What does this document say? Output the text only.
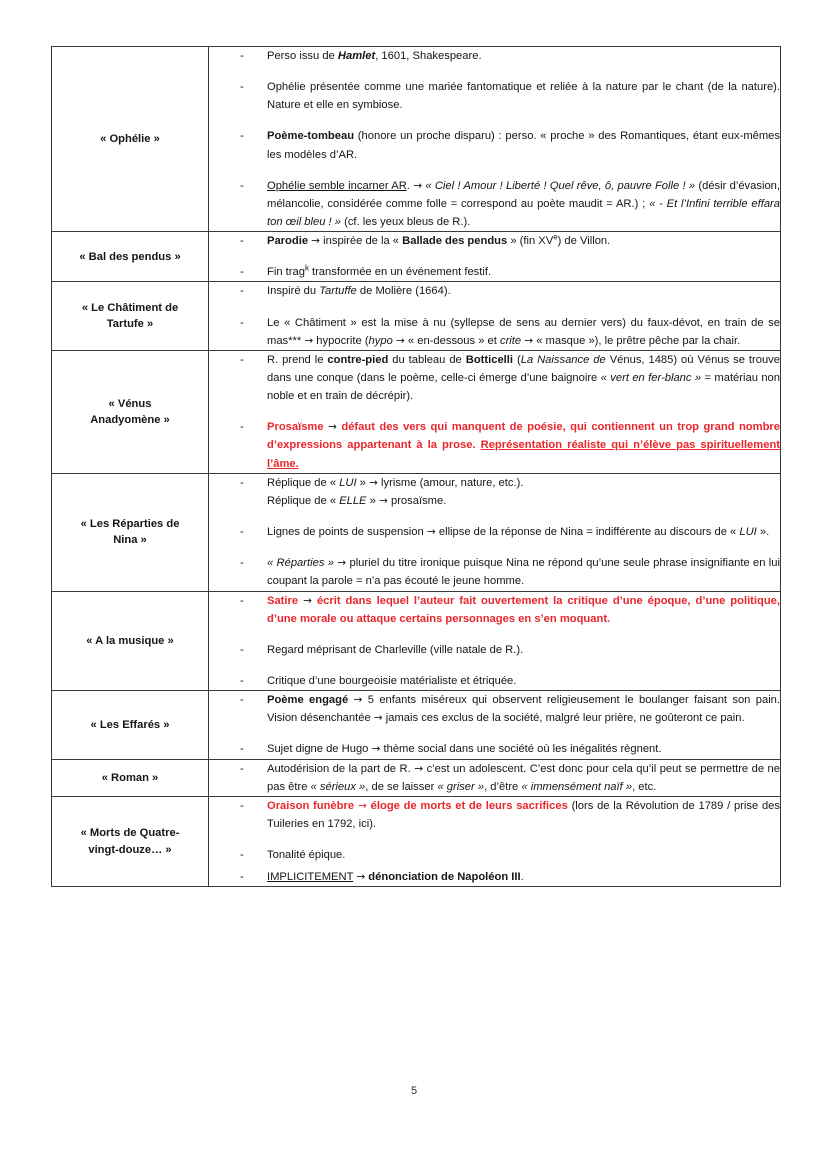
« Ophélie »	
- Perso issu de Hamlet, 1601, Shakespeare.
- Ophélie présentée comme une mariée fantomatique et reliée à la nature par le chant (de la nature). Nature et elle en symbiose.
- Poème-tombeau (honore un proche disparu) : perso. « proche » des Romantiques, étant eux-mêmes les modèles d’AR.
- Ophélie semble incarner AR. → « Ciel ! Amour ! Liberté ! Quel rêve, ô, pauvre Folle ! » (désir d’évasion, mélancolie, considérée comme folle = correspond au poète maudit = AR.) ; « - Et l’Infini terrible effara ton œil bleu ! » (cf. les yeux bleus de R.).

« Bal des pendus »	
- Parodie → inspirée de la « Ballade des pendus » (fin XVe) de Villon.
- Fin trag$^k$ transformée en un événement festif.

« Le Châtiment de
Tartufe »	
- Inspiré du Tartuffe de Molière (1664).
- Le « Châtiment » est la mise à nu (syllepse de sens au dernier vers) du faux-dévot, en train de se mas*** → hypocrite (hypo → « en-dessous » et crite → « masque »), le prêtre pêche par la chair.

« Vénus
Anadyomène »	
- R. prend le contre-pied du tableau de Botticelli (La Naissance de Vénus, 1485) où Vénus se trouve dans une conque (dans le poème, celle-ci émerge d’une baignoire « vert en fer-blanc » = matériau non noble et en train de décrépir).
- Prosaïsme → défaut des vers qui manquent de poésie, qui contiennent un trop grand nombre d’expressions appartenant à la prose. Représentation réaliste qui n’élève pas spirituellement l’âme.

« Les Réparties de
Nina »	
- Réplique de « LUI » → lyrisme (amour, nature, etc.).
Réplique de « ELLE » → prosaïsme.
- Lignes de points de suspension → ellipse de la réponse de Nina = indifférente au discours de « LUI ».
- « Réparties » → pluriel du titre ironique puisque Nina ne répond qu’une seule phrase insignifiante en lui coupant la parole = n’a pas écouté le jeune homme.

« A la musique »	
- Satire → écrit dans lequel l’auteur fait ouvertement la critique d’une époque, d’une politique, d’une morale ou attaque certains personnages en s’en moquant.
- Regard méprisant de Charleville (ville natale de R.).
- Critique d’une bourgeoisie matérialiste et étriquée.

« Les Effarés »	
- Poème engagé → 5 enfants miséreux qui observent religieusement le boulanger faisant son pain. Vision désenchantée → jamais ces exclus de la société, malgré leur prière, ne goûteront ce pain.
- Sujet digne de Hugo → thème social dans une société où les inégalités règnent.

« Roman »	
- Autodérision de la part de R. → c’est un adolescent. C’est donc pour cela qu’il peut se permettre de ne pas être « sérieux », de se laisser « griser », d’être « immensément naïf », etc.

« Morts de Quatre-
vingt-douze… »	
- Oraison funèbre → éloge de morts et de leurs sacrifices (lors de la Révolution de 1789 / prise des Tuileries en 1792, ici).
- Tonalité épique.
- IMPLICITEMENT → dénonciation de Napoléon III.
5
